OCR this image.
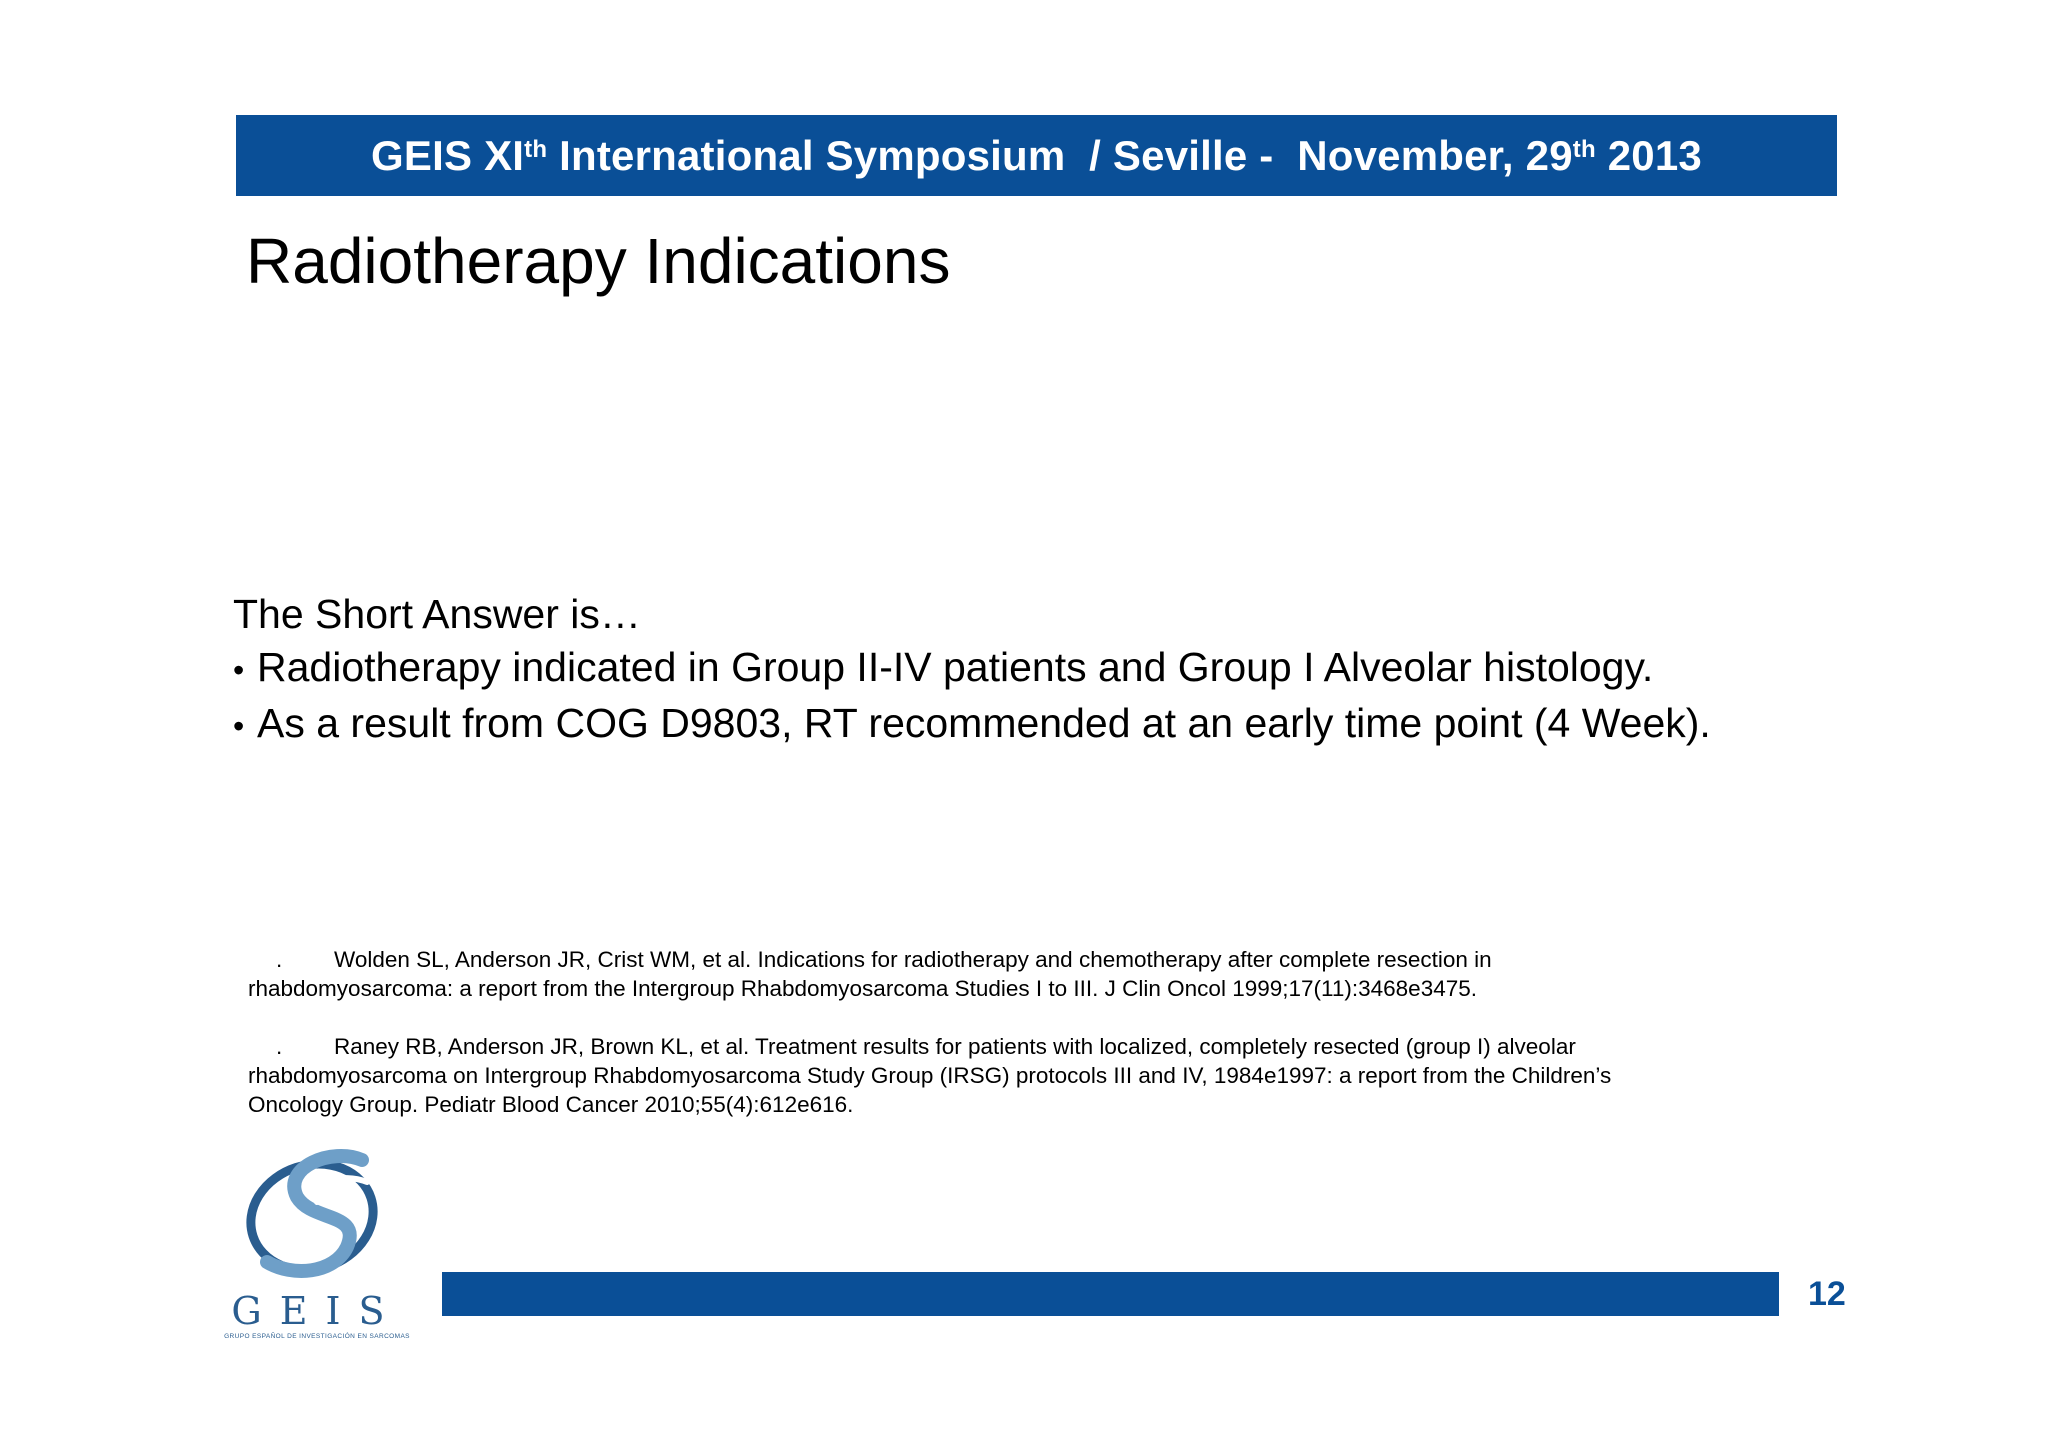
GEIS XIth International Symposium  / Seville -  November, 29th 2013
Radiotherapy Indications
The Short Answer is…
• Radiotherapy indicated in Group II-IV patients and Group I Alveolar histology.
• As a result from COG D9803, RT recommended at an early time point (4 Week).
. Wolden SL, Anderson JR, Crist WM, et al. Indications for radiotherapy and chemotherapy after complete resection in
rhabdomyosarcoma: a report from the Intergroup Rhabdomyosarcoma Studies I to III. J Clin Oncol 1999;17(11):3468e3475.
. Raney RB, Anderson JR, Brown KL, et al. Treatment results for patients with localized, completely resected (group I) alveolar
rhabdomyosarcoma on Intergroup Rhabdomyosarcoma Study Group (IRSG) protocols III and IV, 1984e1997: a report from the Children’s
Oncology Group. Pediatr Blood Cancer 2010;55(4):612e616.
GEIS
GRUPO ESPAÑOL DE INVESTIGACIÓN EN SARCOMAS
12
